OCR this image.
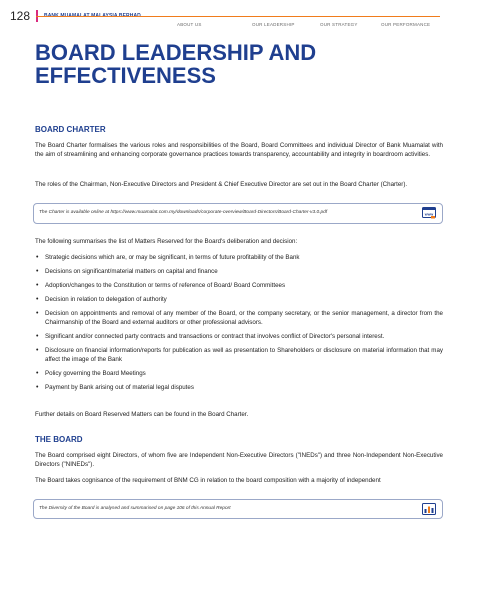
128
ABOUT US	OUR LEADERSHIP	OUR STRATEGY	OUR PERFORMANCE
BOARD LEADERSHIP AND
EFFECTIVENESS
BOARD CHARTER
The Board Charter formalises the various roles and responsibilities of the Board, Board Committees and individual Director of Bank Muamalat with the aim of streamlining and enhancing corporate governance practices towards transparency, accountability and integrity in boardroom activities.
The roles of the Chairman, Non-Executive Directors and President & Chief Executive Director are set out in the Board Charter (Charter).
The Charter is available online at https://www.muamalat.com.my/downloads/corporate-overview/Board-Directors/Board-Charter-v3.0.pdf	www
The following summarises the list of Matters Reserved for the Board's deliberation and decision:
• Strategic decisions which are, or may be significant, in terms of future profitability of the Bank
• Decisions on significant/material matters on capital and finance
• Adoption/changes to the Constitution or terms of reference of Board/ Board Committees
• Decision in relation to delegation of authority
• Decision on appointments and removal of any member of the Board, or the company secretary, or the senior management, a director from the Chairmanship of the Board and external auditors or other professional advisors.
• Significant and/or connected party contracts and transactions or contract that involves conflict of Director's personal interest.
• Disclosure on financial information/reports for publication as well as presentation to Shareholders or disclosure on material information that may affect the image of the Bank
• Policy governing the Board Meetings
• Payment by Bank arising out of material legal disputes
Further details on Board Reserved Matters can be found in the Board Charter.
THE BOARD
The Board comprised eight Directors, of whom five are Independent Non-Executive Directors ("INEDs") and three Non-Independent Non-Executive Directors ("NINEDs").
The Board takes cognisance of the requirement of BNM CG in relation to the board composition with a majority of independent
The Diversity of the Board is analysed and summarised on page 106 of this Annual Report
